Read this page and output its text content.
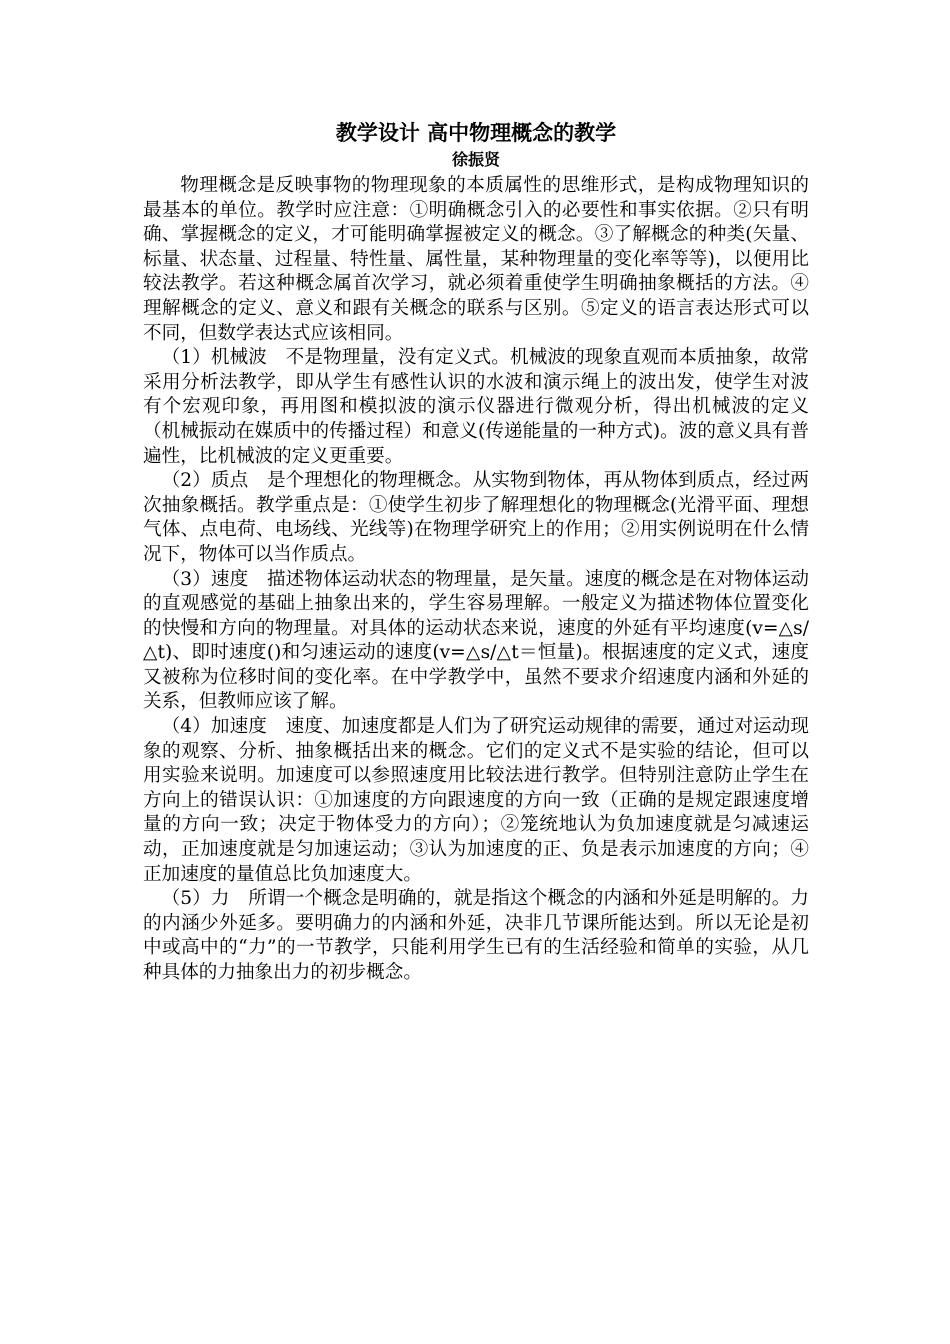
教学设计 高中物理概念的教学
徐振贤

物理概念是反映事物的物理现象的本质属性的思维形式，是构成物理知识的最基本的单位。教学时应注意：①明确概念引入的必要性和事实依据。②只有明确、掌握概念的定义，才可能明确掌握被定义的概念。③了解概念的种类(矢量、标量、状态量、过程量、特性量、属性量，某种物理量的变化率等等)，以便用比较法教学。若这种概念属首次学习，就必须着重使学生明确抽象概括的方法。④理解概念的定义、意义和跟有关概念的联系与区别。⑤定义的语言表达形式可以不同，但数学表达式应该相同。

（1）机械波　不是物理量，没有定义式。机械波的现象直观而本质抽象，故常采用分析法教学，即从学生有感性认识的水波和演示绳上的波出发，使学生对波有个宏观印象，再用图和模拟波的演示仪器进行微观分析，得出机械波的定义（机械振动在媒质中的传播过程）和意义(传递能量的一种方式)。波的意义具有普遍性，比机械波的定义更重要。

（2）质点　是个理想化的物理概念。从实物到物体，再从物体到质点，经过两次抽象概括。教学重点是：①使学生初步了解理想化的物理概念(光滑平面、理想气体、点电荷、电场线、光线等)在物理学研究上的作用；②用实例说明在什么情况下，物体可以当作质点。

（3）速度　描述物体运动状态的物理量，是矢量。速度的概念是在对物体运动的直观感觉的基础上抽象出来的，学生容易理解。一般定义为描述物体位置变化的快慢和方向的物理量。对具体的运动状态来说，速度的外延有平均速度(v=△s/△t)、即时速度()和匀速运动的速度(v=△s/△t＝恒量)。根据速度的定义式，速度又被称为位移时间的变化率。在中学教学中，虽然不要求介绍速度内涵和外延的关系，但教师应该了解。

（4）加速度　速度、加速度都是人们为了研究运动规律的需要，通过对运动现象的观察、分析、抽象概括出来的概念。它们的定义式不是实验的结论，但可以用实验来说明。加速度可以参照速度用比较法进行教学。但特别注意防止学生在方向上的错误认识：①加速度的方向跟速度的方向一致（正确的是规定跟速度增量的方向一致；决定于物体受力的方向）；②笼统地认为负加速度就是匀减速运动，正加速度就是匀加速运动；③认为加速度的正、负是表示加速度的方向；④正加速度的量值总比负加速度大。

（5）力　所谓一个概念是明确的，就是指这个概念的内涵和外延是明解的。力的内涵少外延多。要明确力的内涵和外延，决非几节课所能达到。所以无论是初中或高中的“力”的一节教学，只能利用学生已有的生活经验和简单的实验，从几种具体的力抽象出力的初步概念。
